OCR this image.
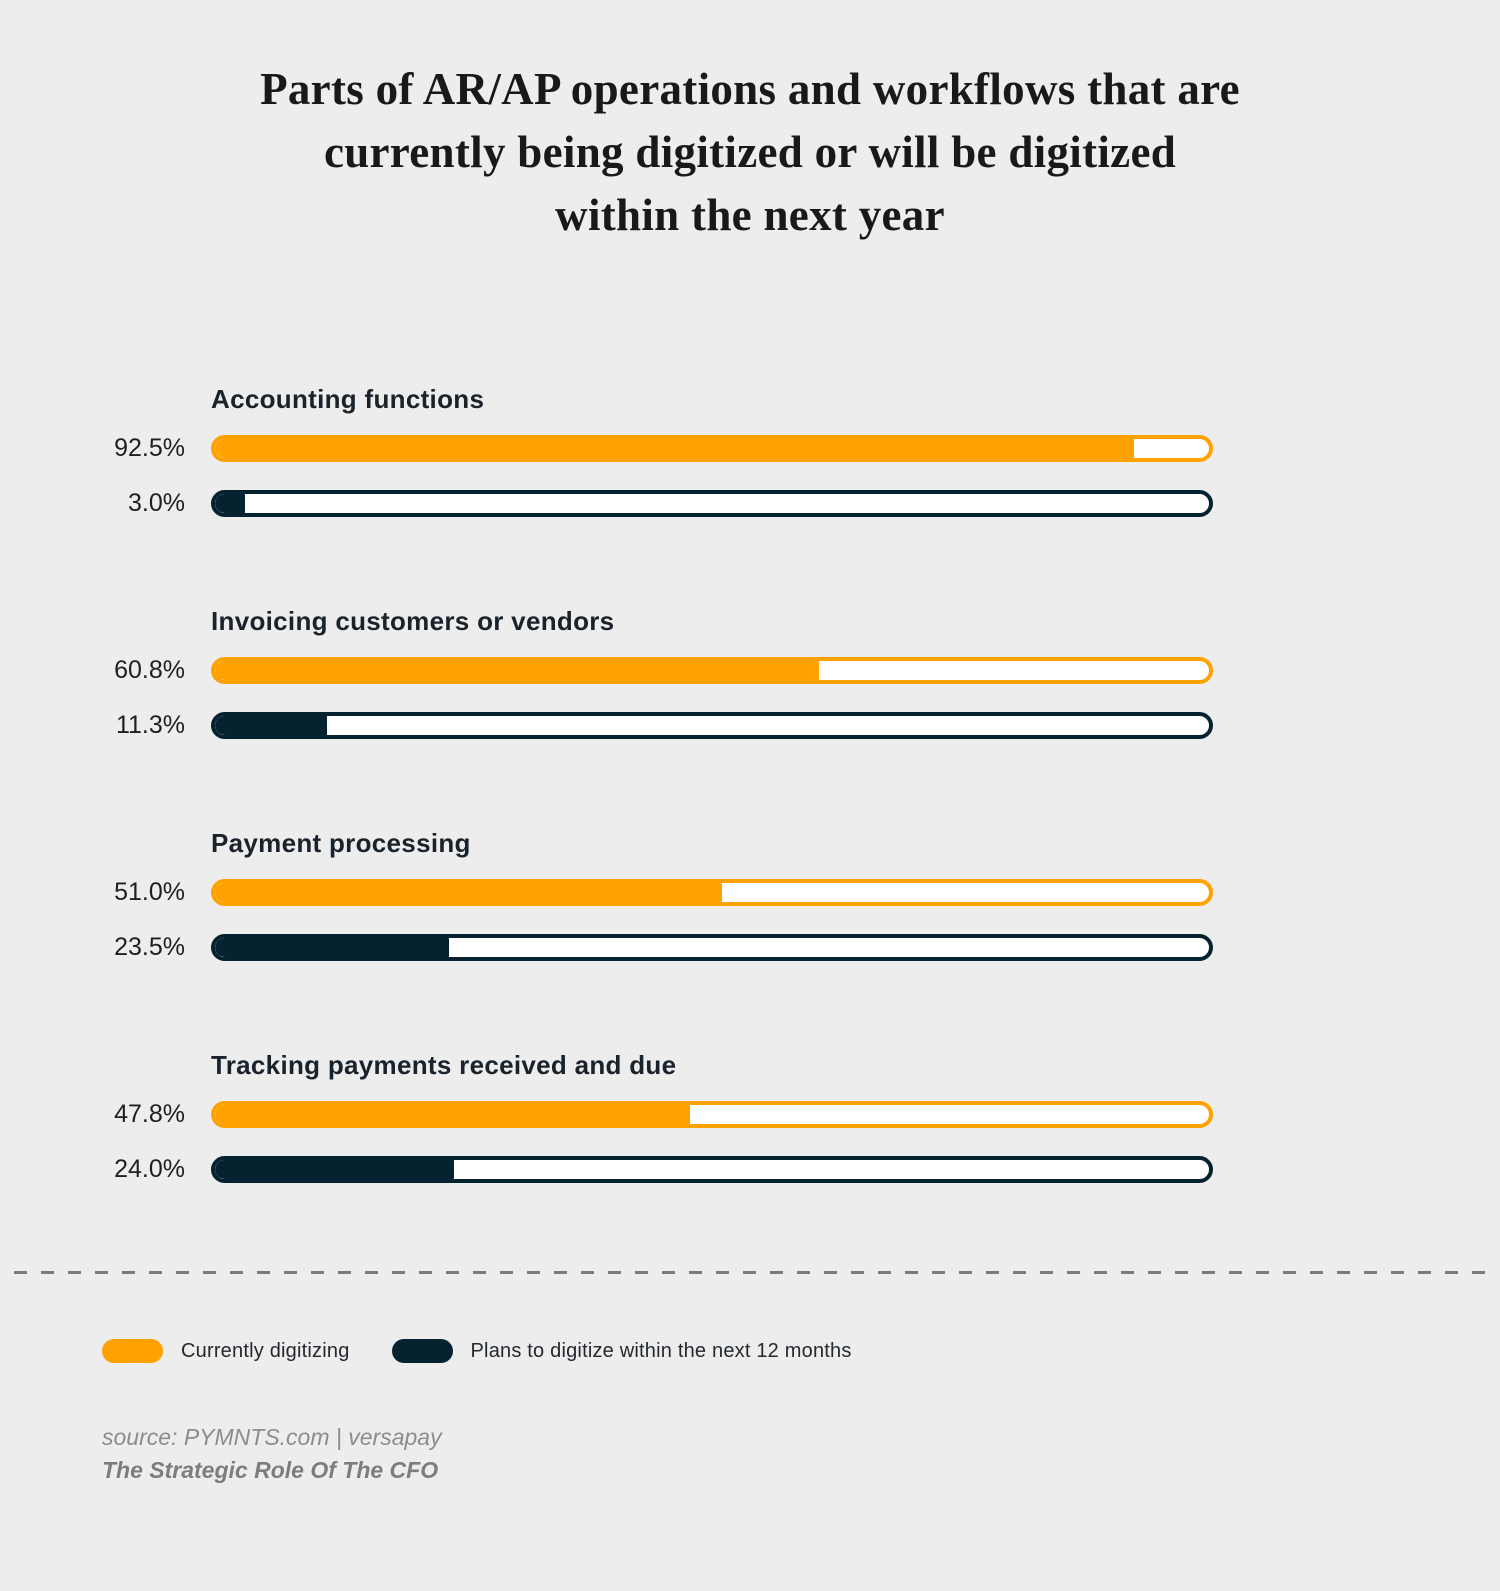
Parts of AR/AP operations and workflows that are
currently being digitized or will be digitized
within the next year
Accounting functions
92.5%
3.0%
Invoicing customers or vendors
60.8%
11.3%
Payment processing
51.0%
23.5%
Tracking payments received and due
47.8%
24.0%
Currently digitizing	Plans to digitize within the next 12 months
source: PYMNTS.com | versapay
The Strategic Role Of The CFO
